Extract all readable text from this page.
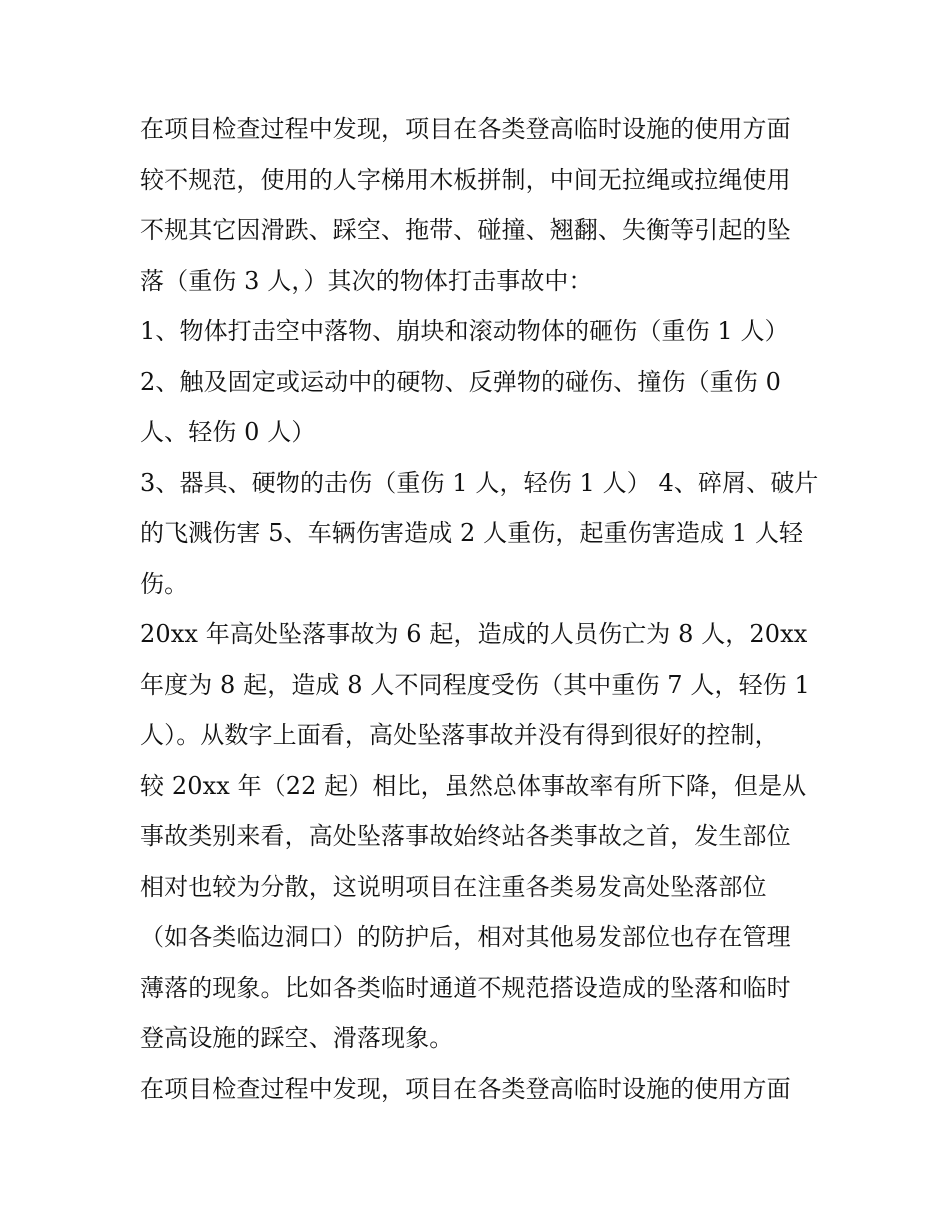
在项目检查过程中发现，项目在各类登高临时设施的使用方面
较不规范，使用的人字梯用木板拼制，中间无拉绳或拉绳使用
不规其它因滑跌、踩空、拖带、碰撞、翘翻、失衡等引起的坠
落（重伤 3 人，）其次的物体打击事故中：
1、物体打击空中落物、崩块和滚动物体的砸伤（重伤 1 人）
2、触及固定或运动中的硬物、反弹物的碰伤、撞伤（重伤 0
人、轻伤 0 人）
3、器具、硬物的击伤（重伤 1 人，轻伤 1 人） 4、碎屑、破片
的飞溅伤害 5、车辆伤害造成 2 人重伤，起重伤害造成 1 人轻
伤。
20xx 年高处坠落事故为 6 起，造成的人员伤亡为 8 人，20xx
年度为 8 起，造成 8 人不同程度受伤（其中重伤 7 人，轻伤 1
人）。从数字上面看，高处坠落事故并没有得到很好的控制，
较 20xx 年（22 起）相比，虽然总体事故率有所下降，但是从
事故类别来看，高处坠落事故始终站各类事故之首，发生部位
相对也较为分散，这说明项目在注重各类易发高处坠落部位
（如各类临边洞口）的防护后，相对其他易发部位也存在管理
薄落的现象。比如各类临时通道不规范搭设造成的坠落和临时
登高设施的踩空、滑落现象。
在项目检查过程中发现，项目在各类登高临时设施的使用方面
